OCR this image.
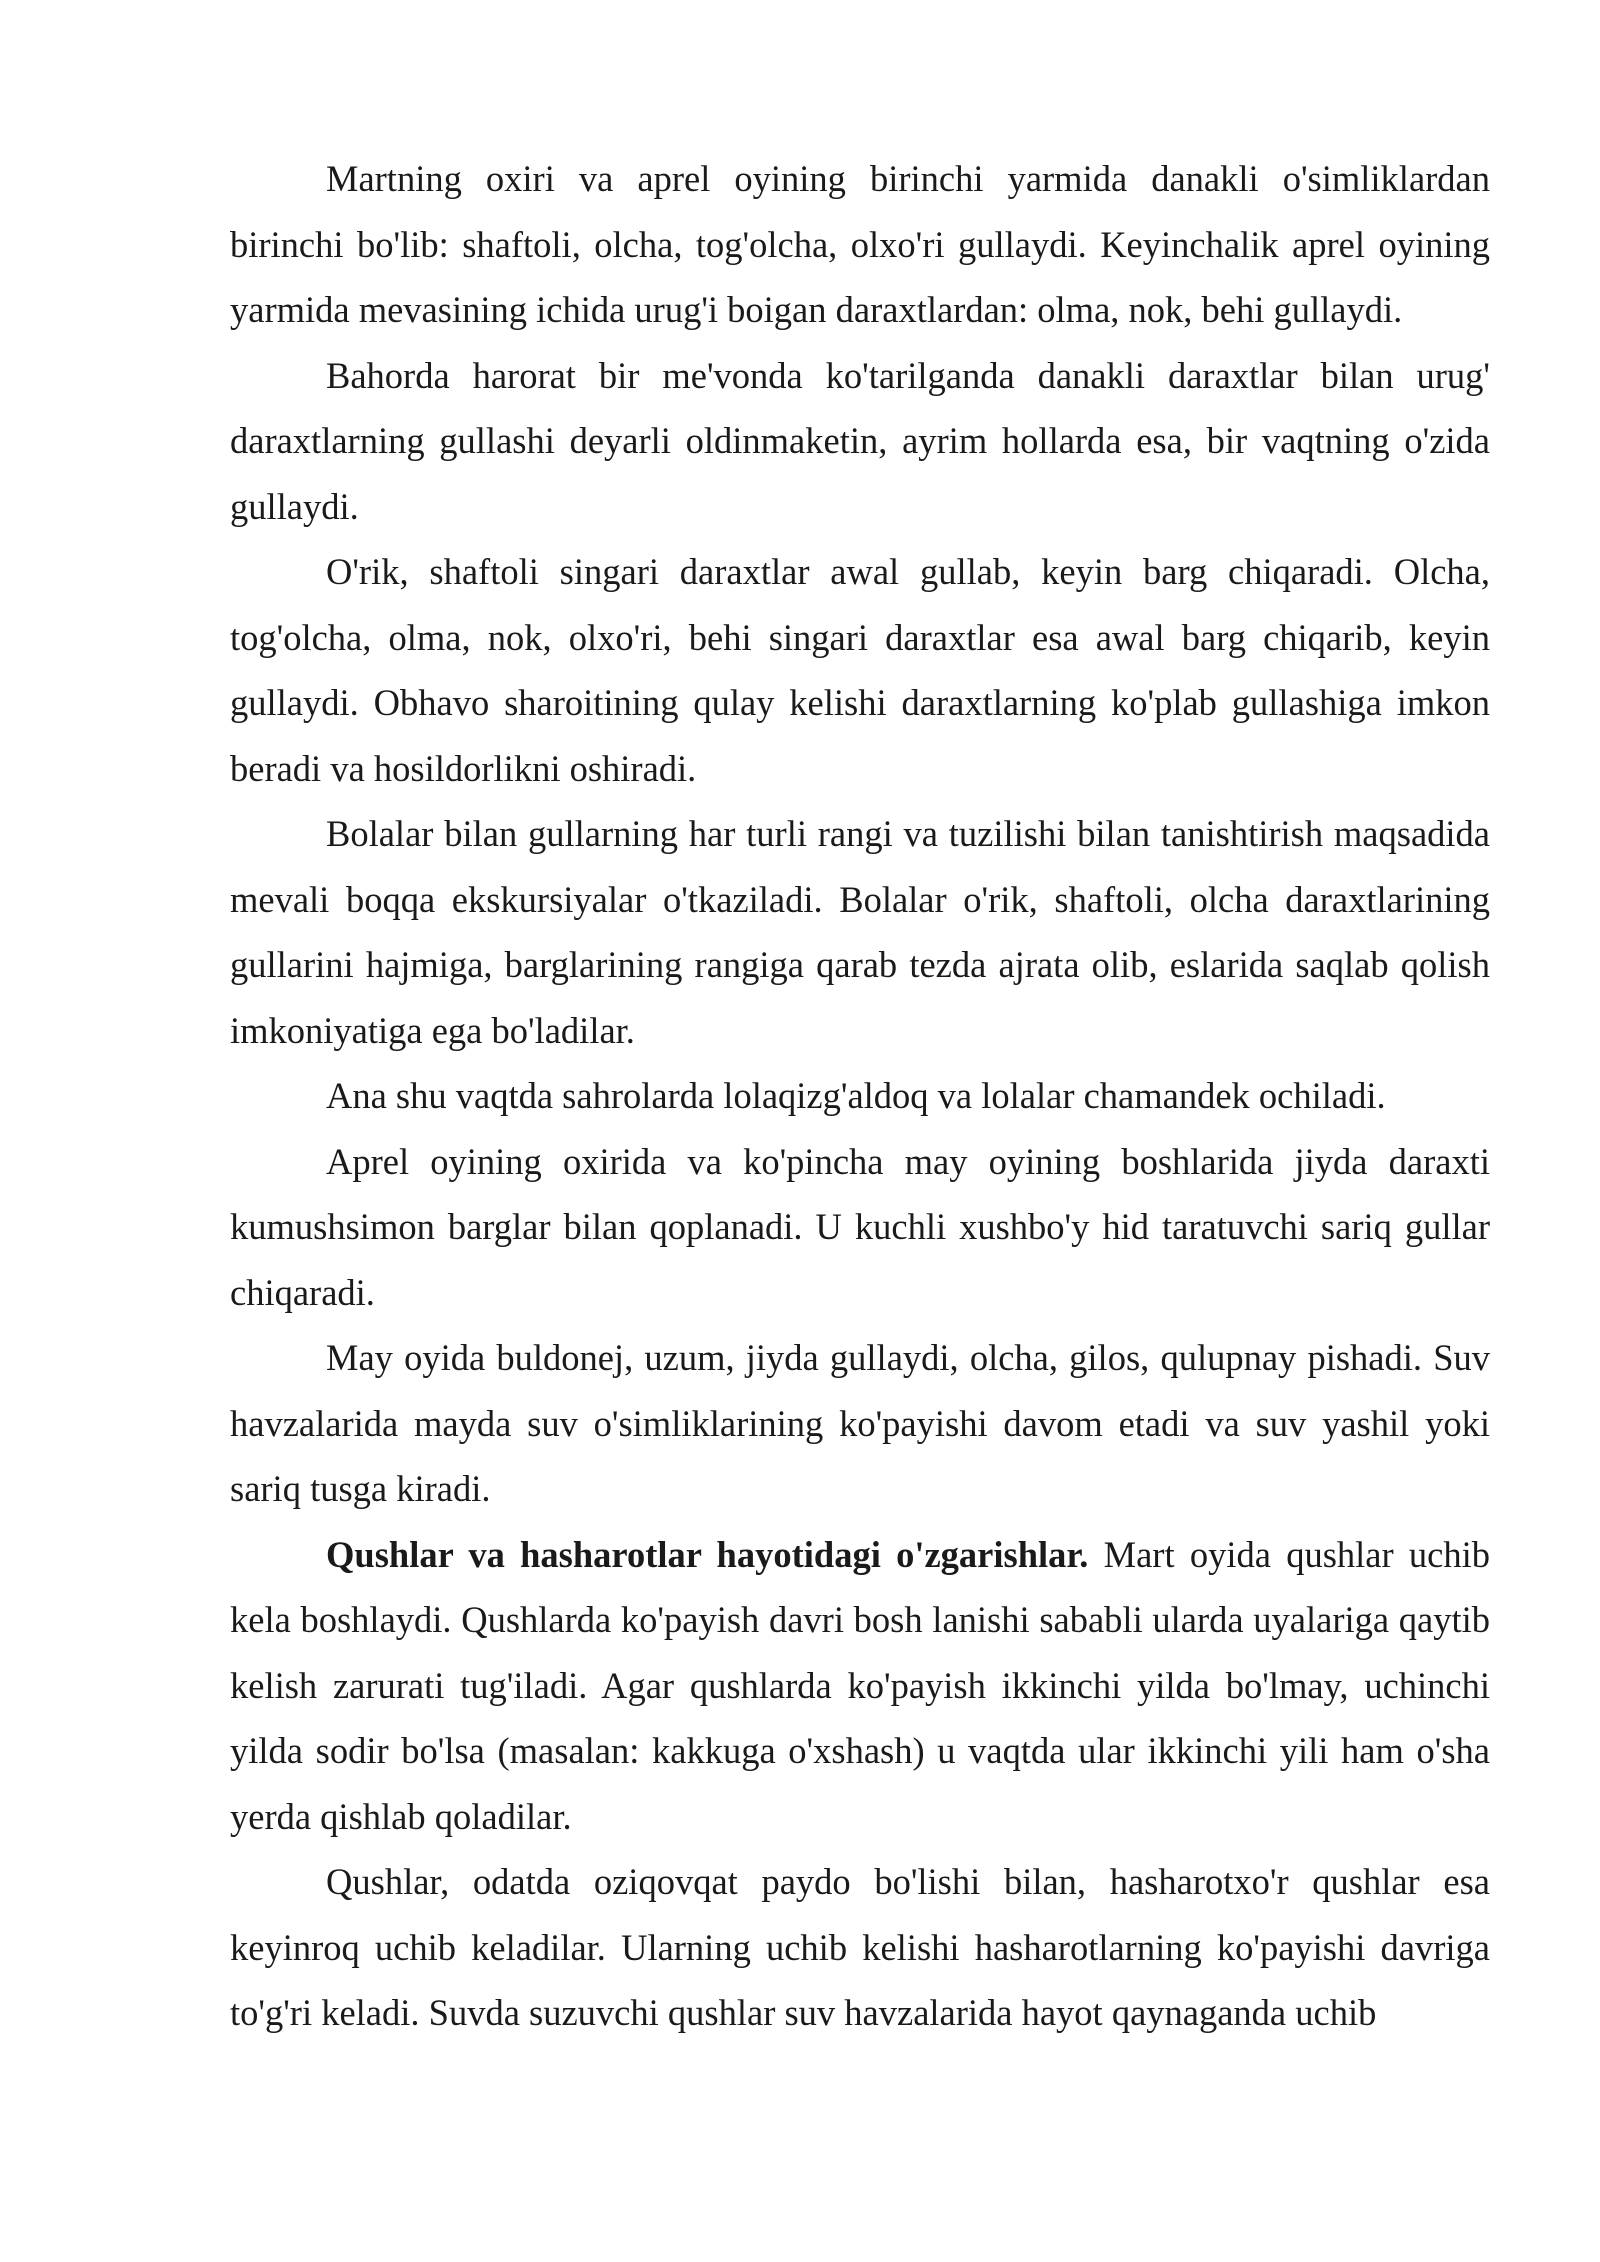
Martning oxiri va aprel oyining birinchi yarmida danakli o'simliklardan birinchi bo'lib: shaftoli, olcha, tog'olcha, olxo'ri gullaydi. Keyinchalik aprel oyining yarmida mevasining ichida urug'i boigan daraxtlardan: olma, nok, behi gullaydi.

Bahorda harorat bir me'vonda ko'tarilganda danakli daraxtlar bilan urug' daraxtlarning gullashi deyarli oldinmaketin, ayrim hollarda esa, bir vaqtning o'zida gullaydi.

O'rik, shaftoli singari daraxtlar awal gullab, keyin barg chiqaradi. Olcha, tog'olcha, olma, nok, olxo'ri, behi singari daraxtlar esa awal barg chiqarib, keyin gullaydi. Obhavo sharoitining qulay kelishi daraxtlarning ko'plab gullashiga imkon beradi va hosildorlikni oshiradi.

Bolalar bilan gullarning har turli rangi va tuzilishi bilan tanishtirish maqsadida mevali boqqa ekskursiyalar o'tkaziladi. Bolalar o'rik, shaftoli, olcha daraxtlarining gullarini hajmiga, barglarining rangiga qarab tezda ajrata olib, eslarida saqlab qolish imkoniyatiga ega bo'ladilar.

Ana shu vaqtda sahrolarda lolaqizg'aldoq va lolalar chamandek ochiladi.

Aprel oyining oxirida va ko'pincha may oyining boshlarida jiyda daraxti kumushsimon barglar bilan qoplanadi. U kuchli xushbo'y hid taratuvchi sariq gullar chiqaradi.

May oyida buldonej, uzum, jiyda gullaydi, olcha, gilos, qulupnay pishadi. Suv havzalarida mayda suv o'simliklarining ko'payishi davom etadi va suv yashil yoki sariq tusga kiradi.

Qushlar va hasharotlar hayotidagi o'zgarishlar. Mart oyida qushlar uchib kela boshlaydi. Qushlarda ko'payish davri bosh lanishi sababli ularda uyalariga qaytib kelish zarurati tug'iladi. Agar qushlarda ko'payish ikkinchi yilda bo'lmay, uchinchi yilda sodir bo'lsa (masalan: kakkuga o'xshash) u vaqtda ular ikkinchi yili ham o'sha yerda qishlab qoladilar.

Qushlar, odatda oziqovqat paydo bo'lishi bilan, hasharotxo'r qushlar esa keyinroq uchib keladilar. Ularning uchib kelishi hasharotlarning ko'payishi davriga to'g'ri keladi. Suvda suzuvchi qushlar suv havzalarida hayot qaynaganda uchib
